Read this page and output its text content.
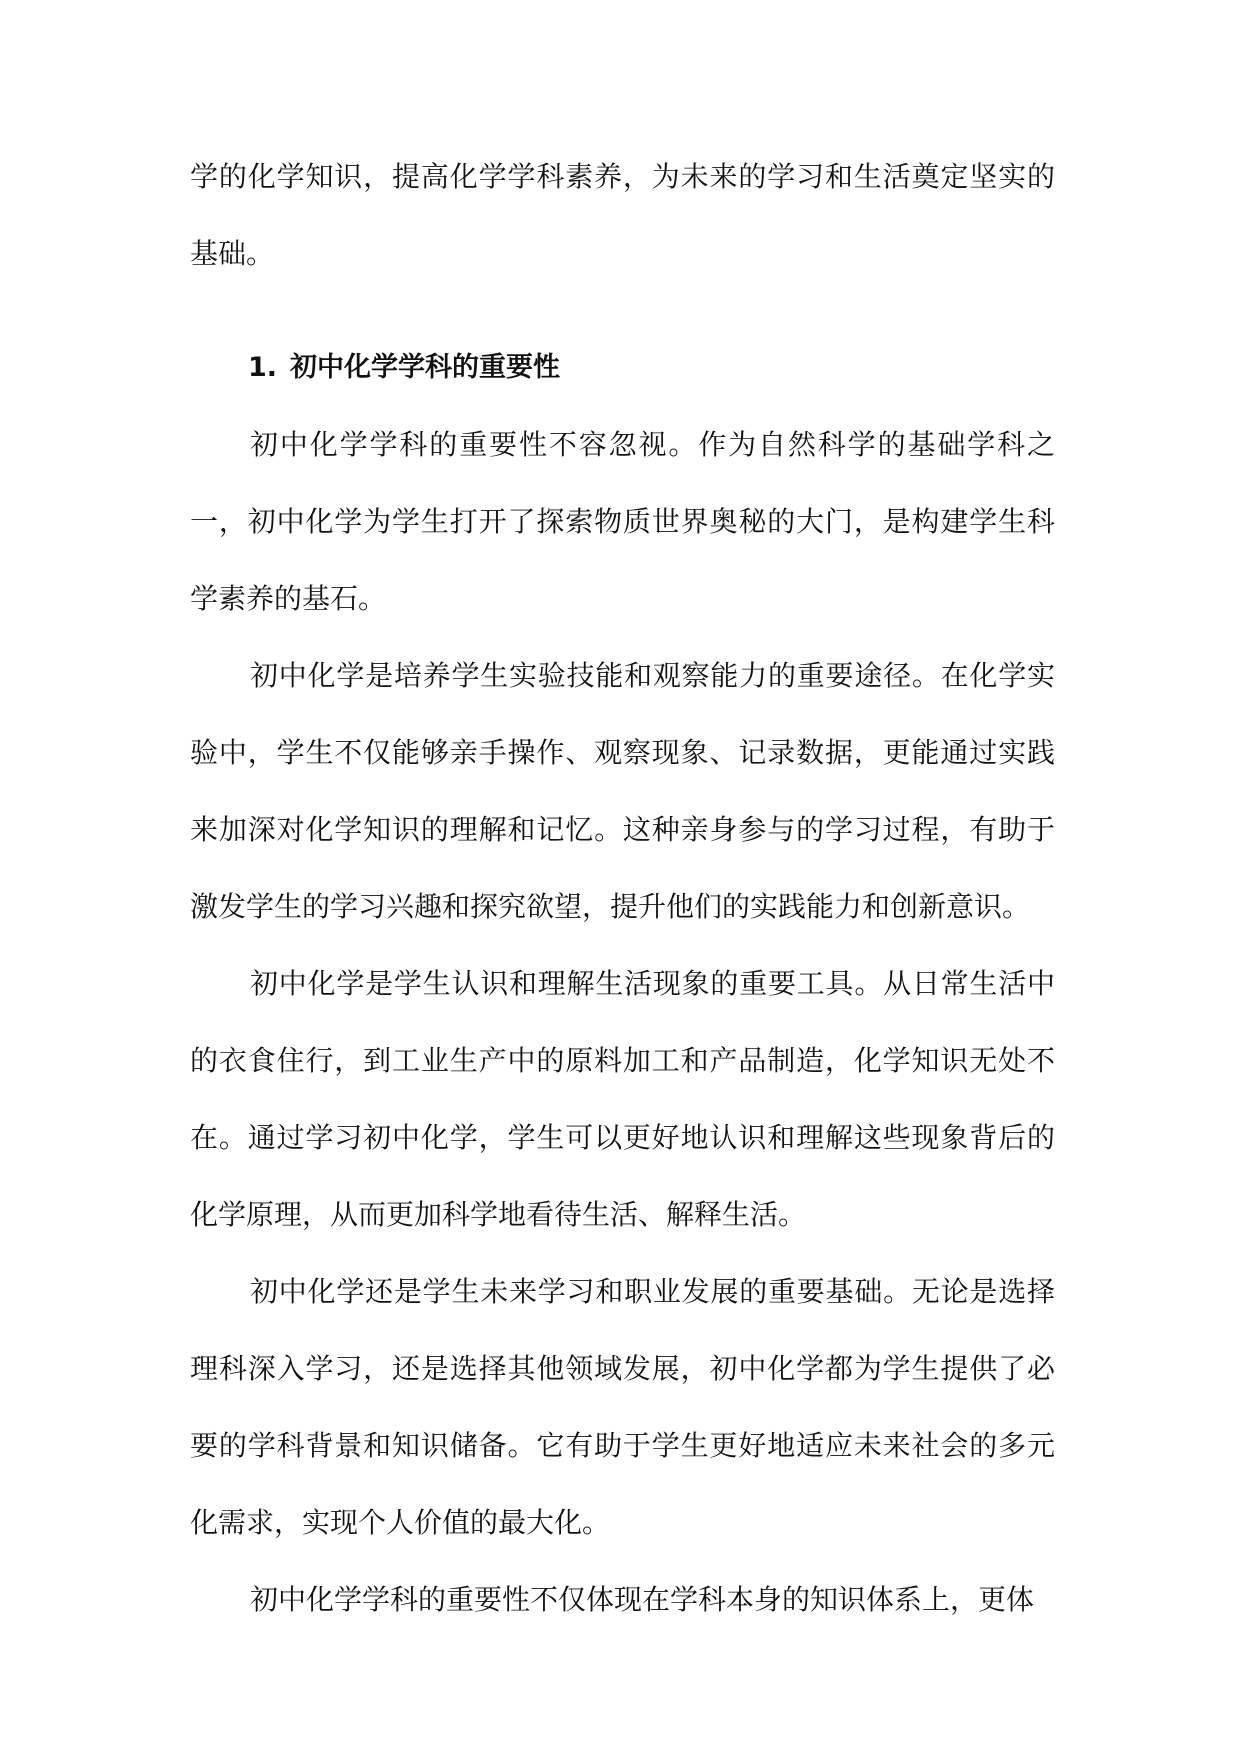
学的化学知识，提高化学学科素养，为未来的学习和生活奠定坚实的基础。

1. 初中化学学科的重要性

初中化学学科的重要性不容忽视。作为自然科学的基础学科之一，初中化学为学生打开了探索物质世界奥秘的大门，是构建学生科学素养的基石。

初中化学是培养学生实验技能和观察能力的重要途径。在化学实验中，学生不仅能够亲手操作、观察现象、记录数据，更能通过实践来加深对化学知识的理解和记忆。这种亲身参与的学习过程，有助于激发学生的学习兴趣和探究欲望，提升他们的实践能力和创新意识。

初中化学是学生认识和理解生活现象的重要工具。从日常生活中的衣食住行，到工业生产中的原料加工和产品制造，化学知识无处不在。通过学习初中化学，学生可以更好地认识和理解这些现象背后的化学原理，从而更加科学地看待生活、解释生活。

初中化学还是学生未来学习和职业发展的重要基础。无论是选择理科深入学习，还是选择其他领域发展，初中化学都为学生提供了必要的学科背景和知识储备。它有助于学生更好地适应未来社会的多元化需求，实现个人价值的最大化。

初中化学学科的重要性不仅体现在学科本身的知识体系上，更体
